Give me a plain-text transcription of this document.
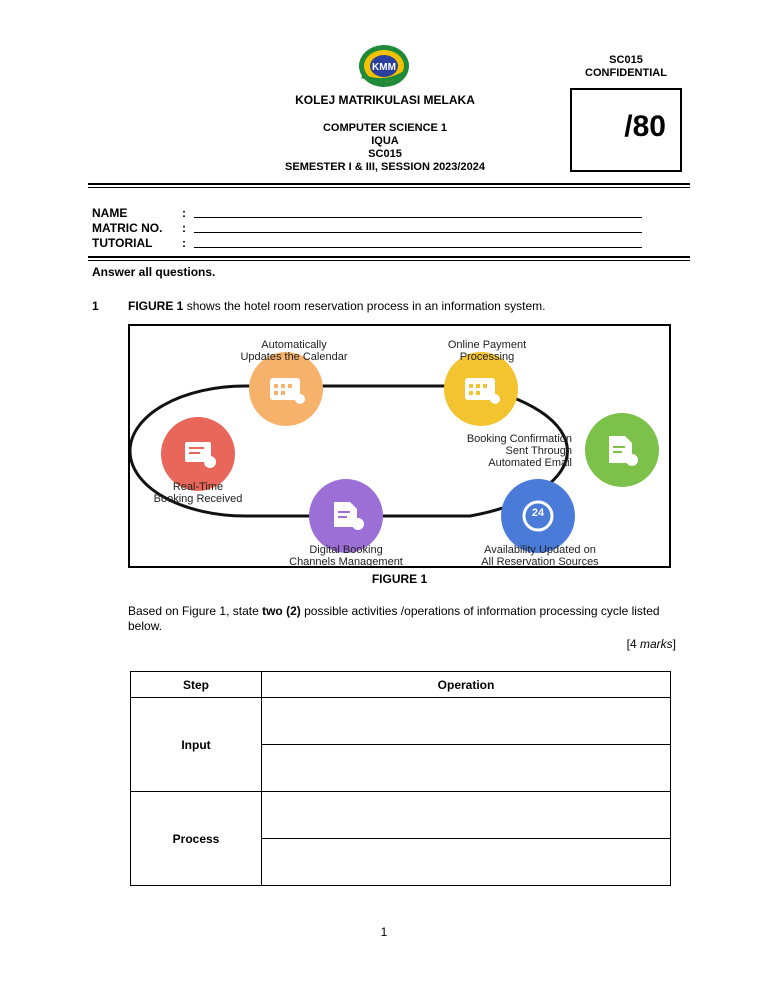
KMM
SC015
CONFIDENTIAL
KOLEJ MATRIKULASI MELAKA
COMPUTER SCIENCE 1
IQUA
SC015
SEMESTER I & III, SESSION 2023/2024
/80
NAME	:
MATRIC NO. :
TUTORIAL :
Answer all questions.
1 FIGURE 1 shows the hotel room reservation process in an information system.
24
Automatically
Updates the Calendar
Online Payment
Processing
Booking Confirmation
Sent Through
Automated Email
Availability Updated on
All Reservation Sources
Digital Booking
Channels Management
Real-Time
Booking Received
FIGURE 1
Based on Figure 1, state two (2) possible activities /operations of information processing cycle listed below.
[4 marks]
Step	Operation
Input	

Process	

1
